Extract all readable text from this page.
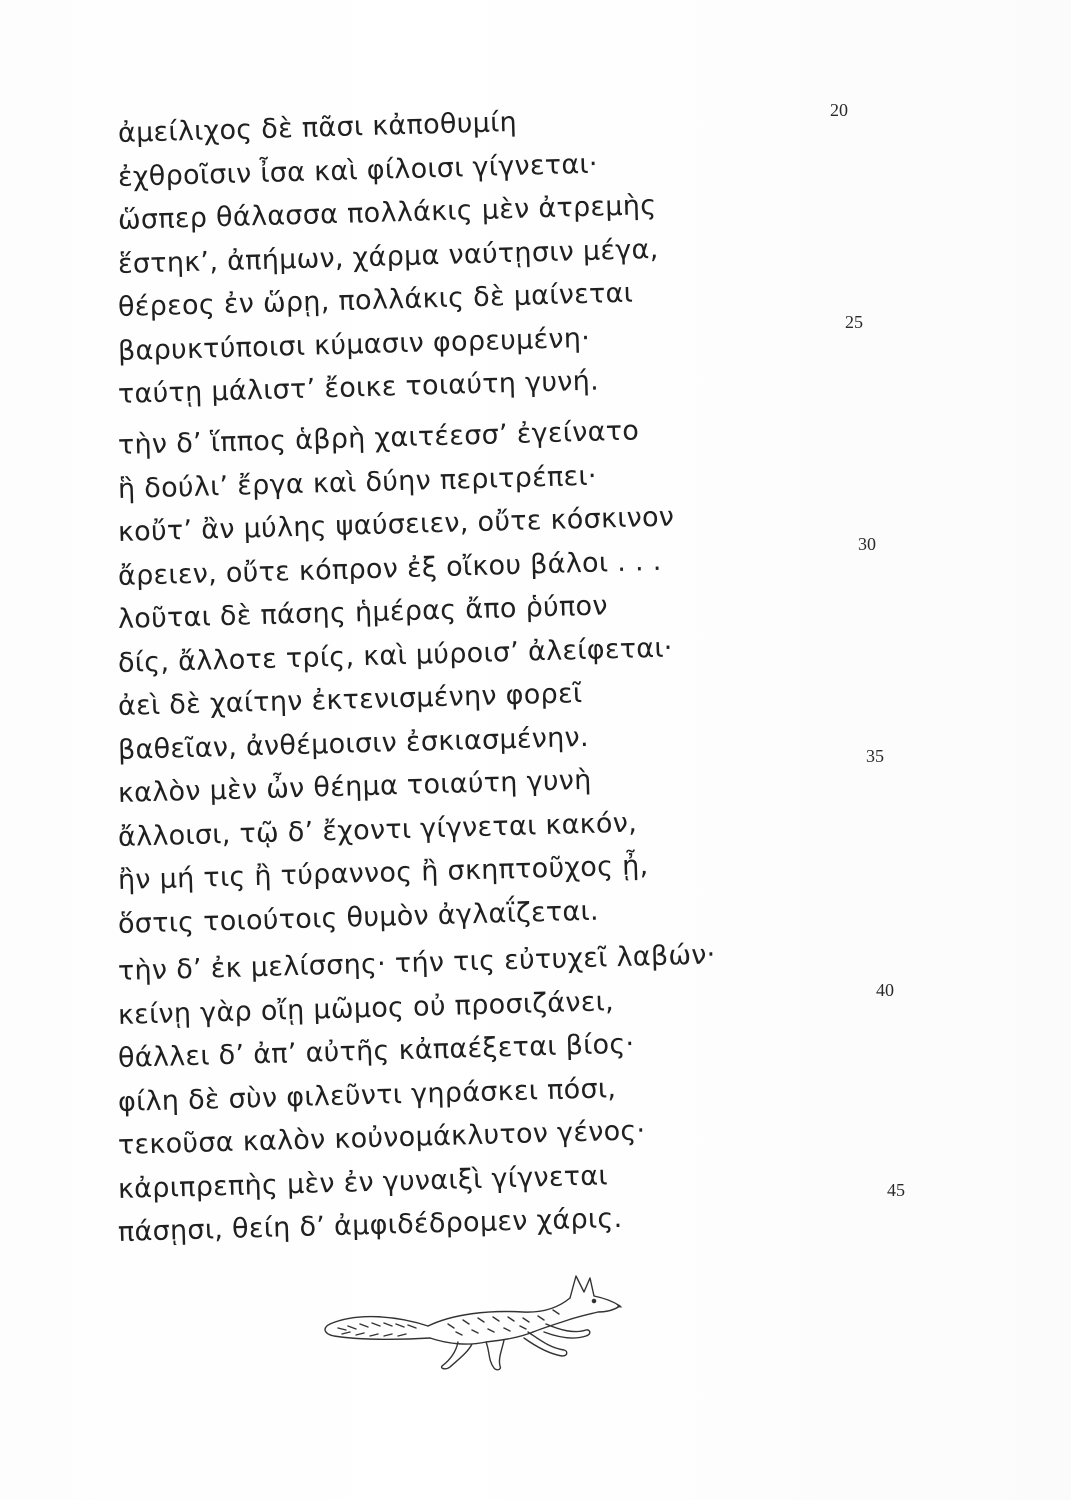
ἀμείλιχος δὲ πᾶσι κἀποθυμίη
ἐχθροῖσιν ἶσα καὶ φίλοισι γίγνεται·
ὥσπερ θάλασσα πολλάκις μὲν ἀτρεμὴς
ἕστηκ’, ἀπήμων, χάρμα ναύτῃσιν μέγα,
θέρεος ἐν ὥρῃ, πολλάκις δὲ μαίνεται
βαρυκτύποισι κύμασιν φορευμένη·
ταύτῃ μάλιστ’ ἔοικε τοιαύτη γυνή.
τὴν δ’ ἵππος ἁβρὴ χαιτέεσσ’ ἐγείνατο
ἣ δούλι’ ἔργα καὶ δύην περιτρέπει·
κοὔτ’ ἂν μύλης ψαύσειεν, οὔτε κόσκινον
ἄρειεν, οὔτε κόπρον ἐξ οἴκου βάλοι . . .
λοῦται δὲ πάσης ἡμέρας ἄπο ῥύπον
δίς, ἄλλοτε τρίς, καὶ μύροισ’ ἀλείφεται·
ἀεὶ δὲ χαίτην ἐκτενισμένην φορεῖ
βαθεῖαν, ἀνθέμοισιν ἐσκιασμένην.
καλὸν μὲν ὦν θέημα τοιαύτη γυνὴ
ἄλλοισι, τῷ δ’ ἔχοντι γίγνεται κακόν,
ἢν μή τις ἢ τύραννος ἢ σκηπτοῦχος ᾖ,
ὅστις τοιούτοις θυμὸν ἀγλαΐζεται.
τὴν δ’ ἐκ μελίσσης· τήν τις εὐτυχεῖ λαβών·
κείνῃ γὰρ οἴῃ μῶμος οὐ προσιζάνει,
θάλλει δ’ ἀπ’ αὐτῆς κἀπαέξεται βίος·
φίλη δὲ σὺν φιλεῦντι γηράσκει πόσι,
τεκοῦσα καλὸν κοὐνομάκλυτον γένος·
κἀριπρεπὴς μὲν ἐν γυναιξὶ γίγνεται
πάσῃσι, θείη δ’ ἀμφιδέδρομεν χάρις.
20
25
30
35
40
45
